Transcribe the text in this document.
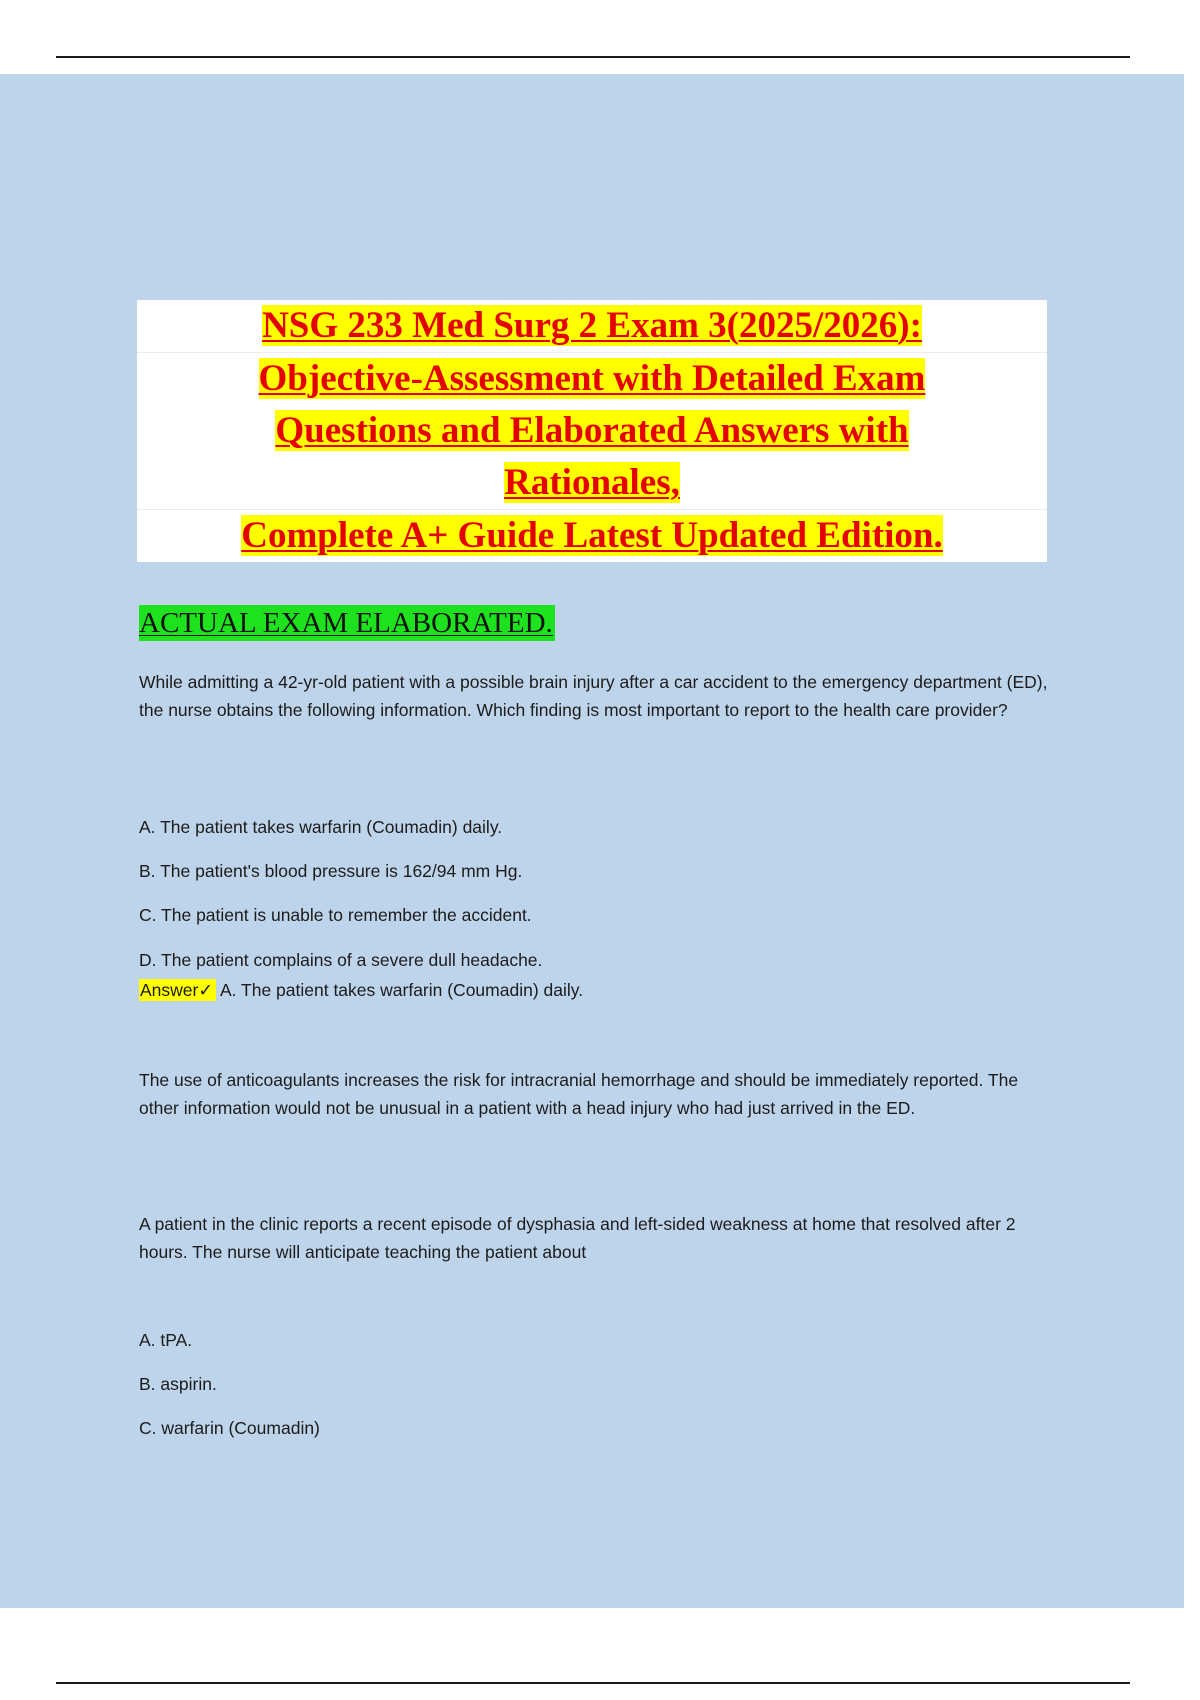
NSG 233 Med Surg 2 Exam 3(2025/2026):
Objective-Assessment with Detailed Exam
Questions and Elaborated Answers with
Rationales,
Complete A+ Guide Latest Updated Edition.
ACTUAL EXAM ELABORATED.
While admitting a 42-yr-old patient with a possible brain injury after a car accident to the emergency department (ED), the nurse obtains the following information. Which finding is most important to report to the health care provider?
A. The patient takes warfarin (Coumadin) daily.
B. The patient's blood pressure is 162/94 mm Hg.
C. The patient is unable to remember the accident.
D. The patient complains of a severe dull headache.
Answer✓ A. The patient takes warfarin (Coumadin) daily.
The use of anticoagulants increases the risk for intracranial hemorrhage and should be immediately reported. The other information would not be unusual in a patient with a head injury who had just arrived in the ED.
A patient in the clinic reports a recent episode of dysphasia and left-sided weakness at home that resolved after 2 hours. The nurse will anticipate teaching the patient about
A. tPA.
B. aspirin.
C. warfarin (Coumadin)
